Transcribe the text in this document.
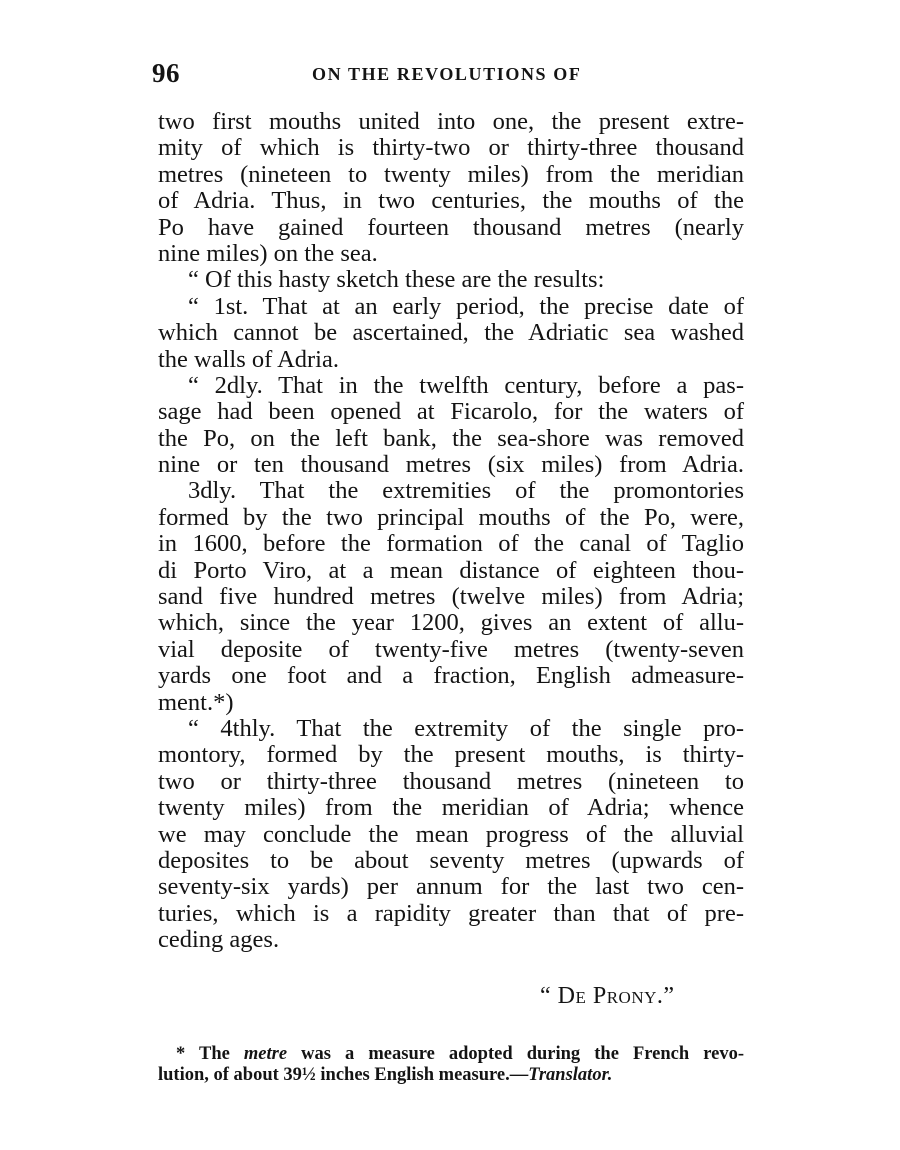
96	ON THE REVOLUTIONS OF
two first mouths united into one, the present extre-
mity of which is thirty-two or thirty-three thousand
metres (nineteen to twenty miles) from the meridian
of Adria. Thus, in two centuries, the mouths of the
Po have gained fourteen thousand metres (nearly
nine miles) on the sea.
“ Of this hasty sketch these are the results:
“ 1st. That at an early period, the precise date of
which cannot be ascertained, the Adriatic sea washed
the walls of Adria.
“ 2dly. That in the twelfth century, before a pas-
sage had been opened at Ficarolo, for the waters of
the Po, on the left bank, the sea-shore was removed
nine or ten thousand metres (six miles) from Adria.
3dly. That the extremities of the promontories
formed by the two principal mouths of the Po, were,
in 1600, before the formation of the canal of Taglio
di Porto Viro, at a mean distance of eighteen thou-
sand five hundred metres (twelve miles) from Adria;
which, since the year 1200, gives an extent of allu-
vial deposite of twenty-five metres (twenty-seven
yards one foot and a fraction, English admeasure-
ment.*)
“ 4thly. That the extremity of the single pro-
montory, formed by the present mouths, is thirty-
two or thirty-three thousand metres (nineteen to
twenty miles) from the meridian of Adria; whence
we may conclude the mean progress of the alluvial
deposites to be about seventy metres (upwards of
seventy-six yards) per annum for the last two cen-
turies, which is a rapidity greater than that of pre-
ceding ages.
“ De Prony.”
* The metre was a measure adopted during the French revo-
lution, of about 39½ inches English measure.—Translator.
